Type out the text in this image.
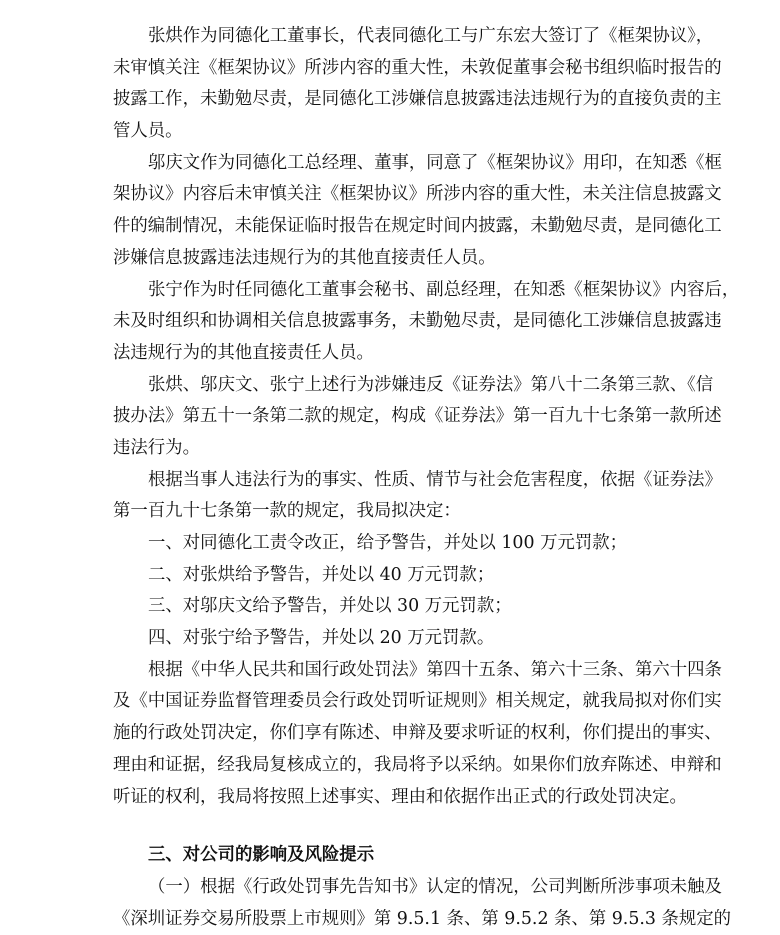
张烘作为同德化工董事长，代表同德化工与广东宏大签订了《框架协议》，
未审慎关注《框架协议》所涉内容的重大性，未敦促董事会秘书组织临时报告的
披露工作，未勤勉尽责，是同德化工涉嫌信息披露违法违规行为的直接负责的主
管人员。
邬庆文作为同德化工总经理、董事，同意了《框架协议》用印，在知悉《框
架协议》内容后未审慎关注《框架协议》所涉内容的重大性，未关注信息披露文
件的编制情况，未能保证临时报告在规定时间内披露，未勤勉尽责，是同德化工
涉嫌信息披露违法违规行为的其他直接责任人员。
张宁作为时任同德化工董事会秘书、副总经理，在知悉《框架协议》内容后，
未及时组织和协调相关信息披露事务，未勤勉尽责，是同德化工涉嫌信息披露违
法违规行为的其他直接责任人员。
张烘、邬庆文、张宁上述行为涉嫌违反《证券法》第八十二条第三款、《信
披办法》第五十一条第二款的规定，构成《证券法》第一百九十七条第一款所述
违法行为。
根据当事人违法行为的事实、性质、情节与社会危害程度，依据《证券法》
第一百九十七条第一款的规定，我局拟决定：
一、对同德化工责令改正，给予警告，并处以 100 万元罚款；
二、对张烘给予警告，并处以 40 万元罚款；
三、对邬庆文给予警告，并处以 30 万元罚款；
四、对张宁给予警告，并处以 20 万元罚款。
根据《中华人民共和国行政处罚法》第四十五条、第六十三条、第六十四条
及《中国证券监督管理委员会行政处罚听证规则》相关规定，就我局拟对你们实
施的行政处罚决定，你们享有陈述、申辩及要求听证的权利，你们提出的事实、
理由和证据，经我局复核成立的，我局将予以采纳。如果你们放弃陈述、申辩和
听证的权利，我局将按照上述事实、理由和依据作出正式的行政处罚决定。
三、对公司的影响及风险提示
（一）根据《行政处罚事先告知书》认定的情况，公司判断所涉事项未触及
《深圳证券交易所股票上市规则》第 9.5.1 条、第 9.5.2 条、第 9.5.3 条规定的
